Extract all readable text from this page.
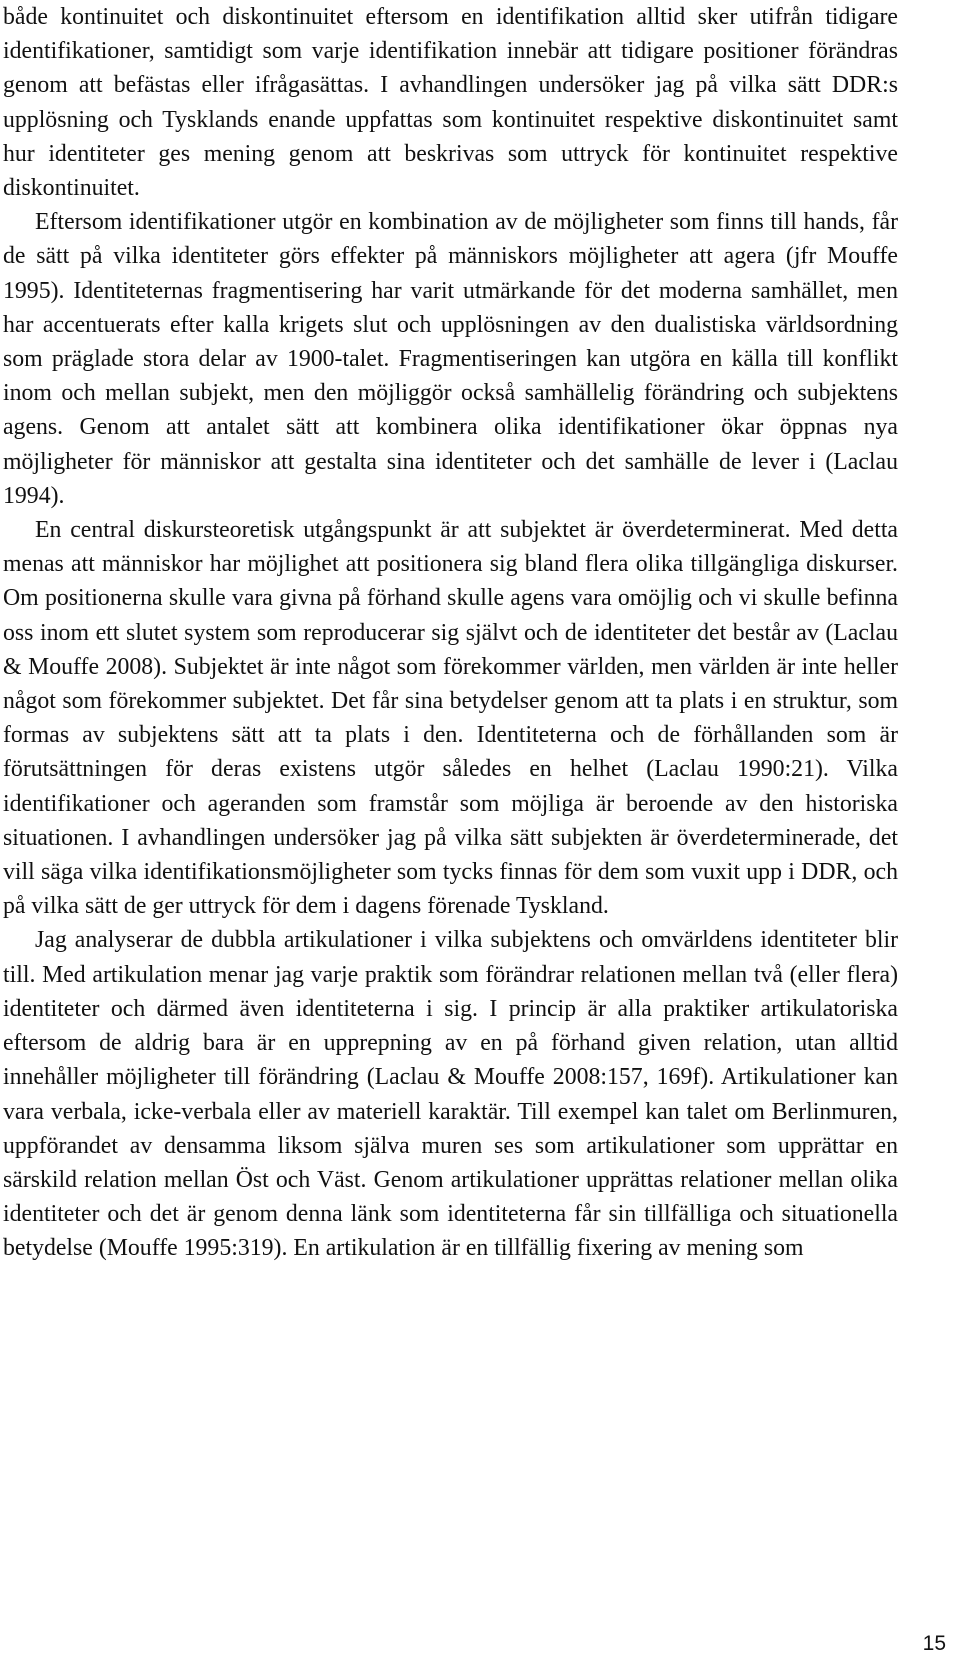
både kontinuitet och diskontinuitet eftersom en identifikation alltid sker utifrån tidigare identifikationer, samtidigt som varje identifikation innebär att tidigare positioner förändras genom att befästas eller ifrågasättas. I avhandlingen undersöker jag på vilka sätt DDR:s upplösning och Tysklands enande uppfattas som kontinuitet respektive diskontinuitet samt hur identiteter ges mening genom att beskrivas som uttryck för kontinuitet respektive diskontinuitet.

Eftersom identifikationer utgör en kombination av de möjligheter som finns till hands, får de sätt på vilka identiteter görs effekter på människors möjligheter att agera (jfr Mouffe 1995). Identiteternas fragmentisering har varit utmärkande för det moderna samhället, men har accentuerats efter kalla krigets slut och upplösningen av den dualistiska världsordning som präglade stora delar av 1900-talet. Fragmentiseringen kan utgöra en källa till konflikt inom och mellan subjekt, men den möjliggör också samhällelig förändring och subjektens agens. Genom att antalet sätt att kombinera olika identifikationer ökar öppnas nya möjligheter för människor att gestalta sina identiteter och det samhälle de lever i (Laclau 1994).

En central diskursteoretisk utgångspunkt är att subjektet är överdeterminerat. Med detta menas att människor har möjlighet att positionera sig bland flera olika tillgängliga diskurser. Om positionerna skulle vara givna på förhand skulle agens vara omöjlig och vi skulle befinna oss inom ett slutet system som reproducerar sig självt och de identiteter det består av (Laclau & Mouffe 2008). Subjektet är inte något som förekommer världen, men världen är inte heller något som förekommer subjektet. Det får sina betydelser genom att ta plats i en struktur, som formas av subjektens sätt att ta plats i den. Identiteterna och de förhållanden som är förutsättningen för deras existens utgör således en helhet (Laclau 1990:21). Vilka identifikationer och ageranden som framstår som möjliga är beroende av den historiska situationen. I avhandlingen undersöker jag på vilka sätt subjekten är överdeterminerade, det vill säga vilka identifikationsmöjligheter som tycks finnas för dem som vuxit upp i DDR, och på vilka sätt de ger uttryck för dem i dagens förenade Tyskland.

Jag analyserar de dubbla artikulationer i vilka subjektens och omvärldens identiteter blir till. Med artikulation menar jag varje praktik som förändrar relationen mellan två (eller flera) identiteter och därmed även identiteterna i sig. I princip är alla praktiker artikulatoriska eftersom de aldrig bara är en upprepning av en på förhand given relation, utan alltid innehåller möjligheter till förändring (Laclau & Mouffe 2008:157, 169f). Artikulationer kan vara verbala, icke-verbala eller av materiell karaktär. Till exempel kan talet om Berlinmuren, uppförandet av densamma liksom själva muren ses som artikulationer som upprättar en särskild relation mellan Öst och Väst. Genom artikulationer upprättas relationer mellan olika identiteter och det är genom denna länk som identiteterna får sin tillfälliga och situationella betydelse (Mouffe 1995:319). En artikulation är en tillfällig fixering av mening som

15
